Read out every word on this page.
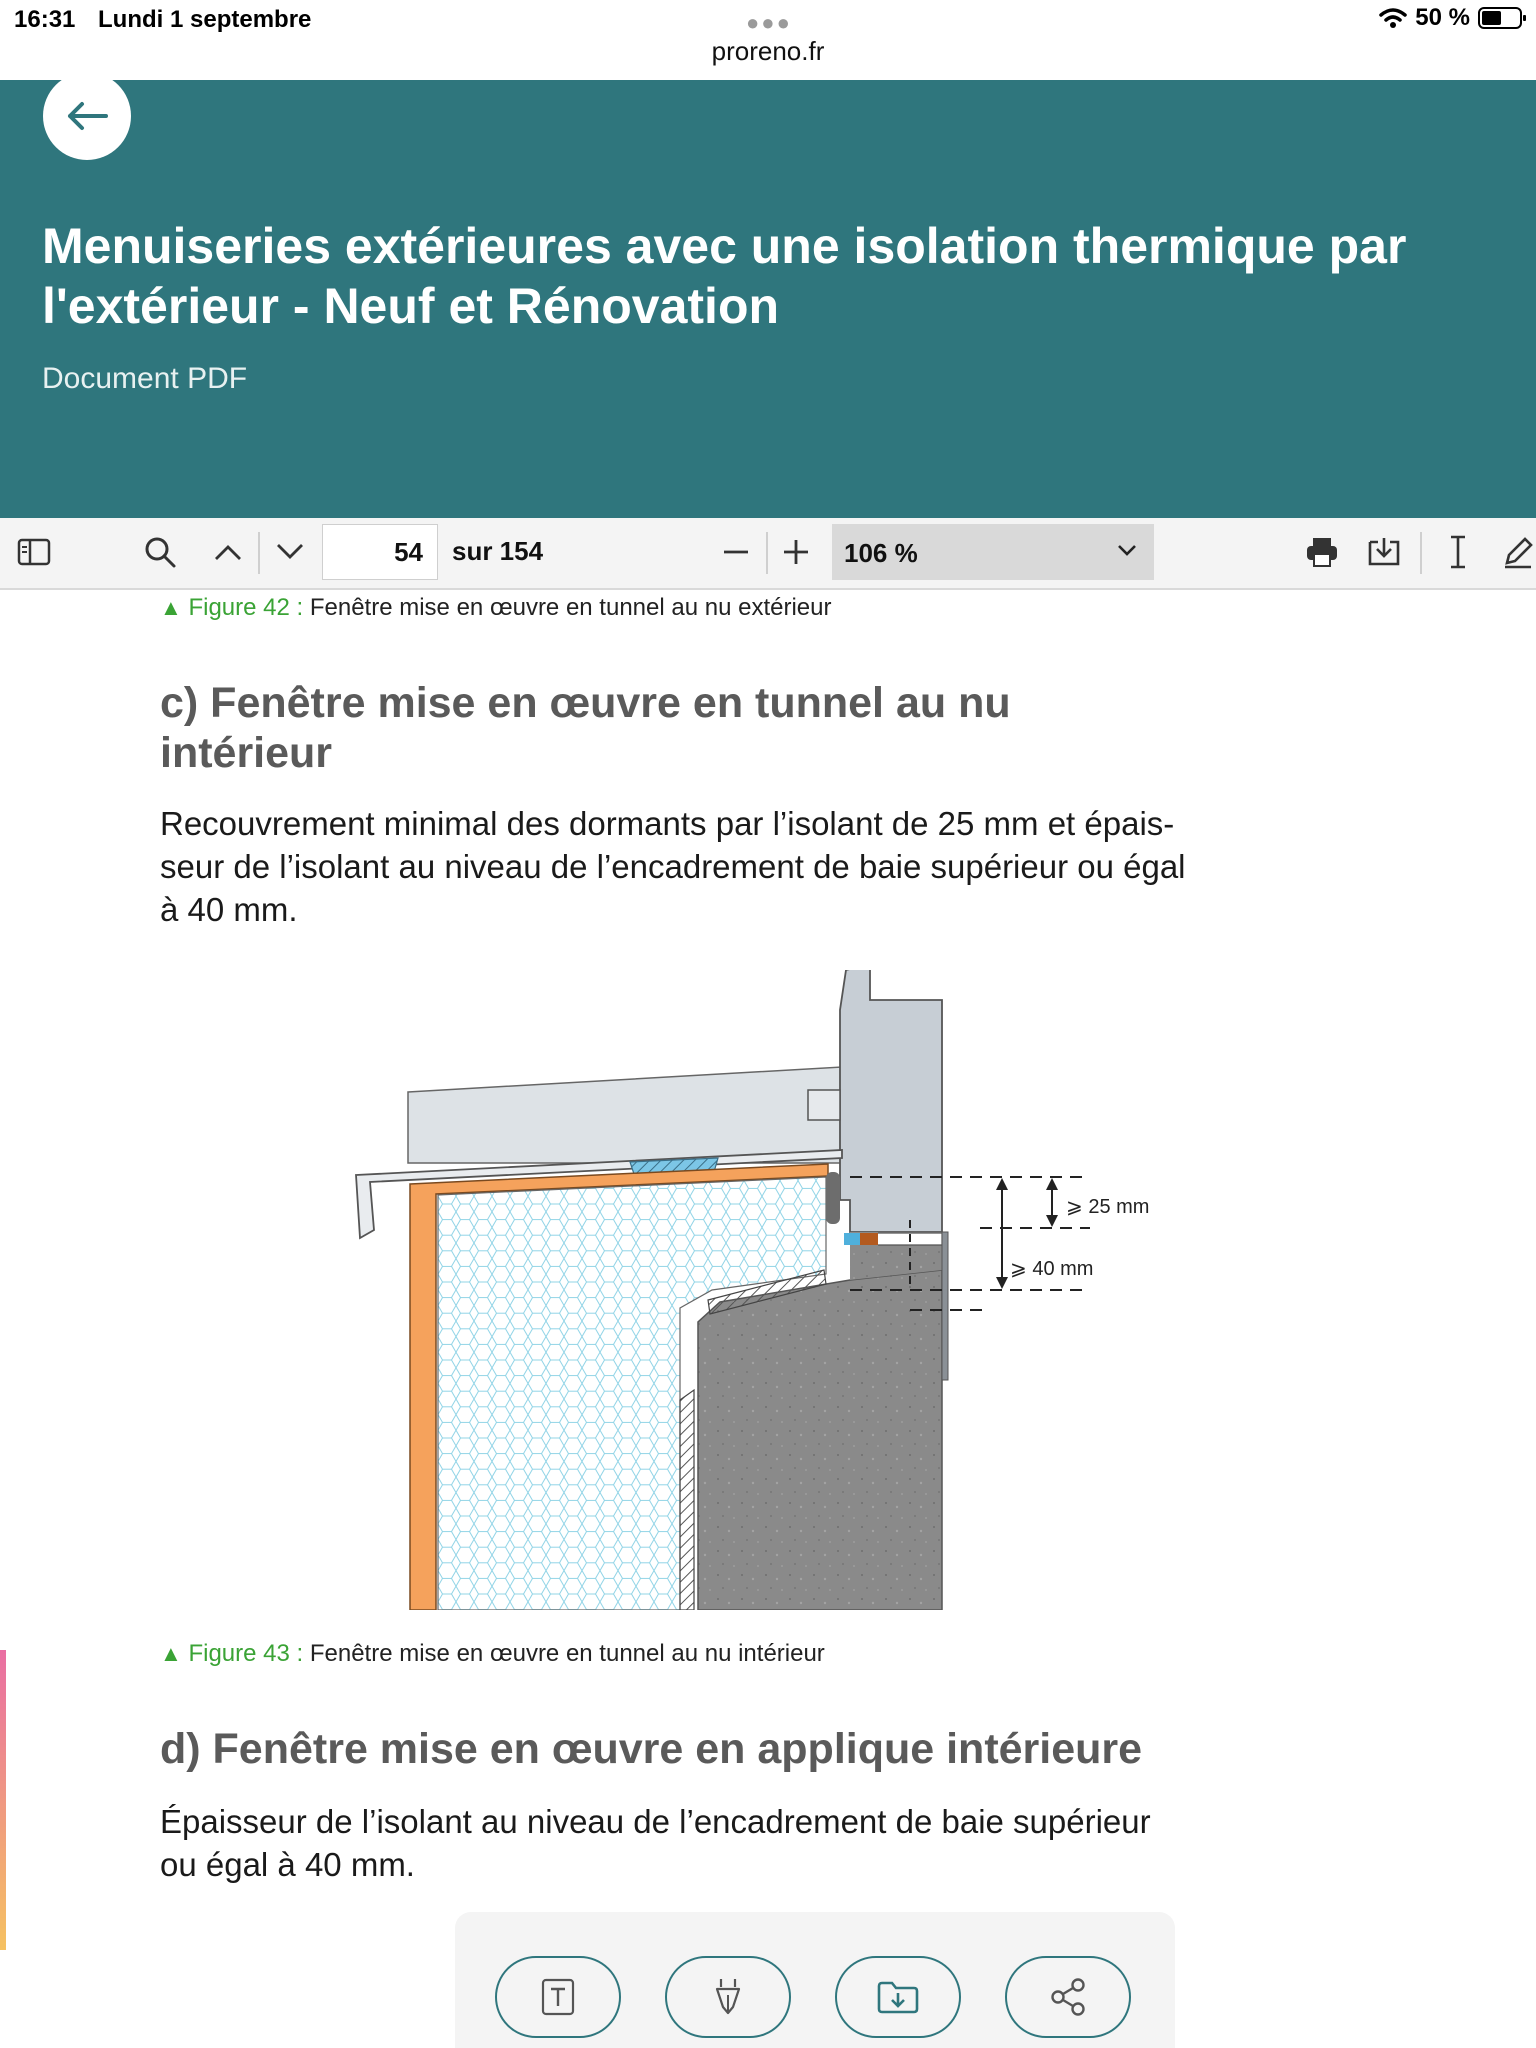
16:31 Lundi 1 septembre	●●●
proreno.fr
50 %
Menuiseries extérieures avec une isolation thermique par
l'extérieur - Neuf et Rénovation
Document PDF
54	sur 154	106 %
▲ Figure 42 : Fenêtre mise en œuvre en tunnel au nu extérieur
c) Fenêtre mise en œuvre en tunnel au nu
intérieur
Recouvrement minimal des dormants par l’isolant de 25 mm et épais-
seur de l’isolant au niveau de l’encadrement de baie supérieur ou égal
à 40 mm.
⩾ 25 mm
⩾ 40 mm
▲ Figure 43 : Fenêtre mise en œuvre en tunnel au nu intérieur
d) Fenêtre mise en œuvre en applique intérieure
Épaisseur de l’isolant au niveau de l’encadrement de baie supérieur
ou égal à 40 mm.
